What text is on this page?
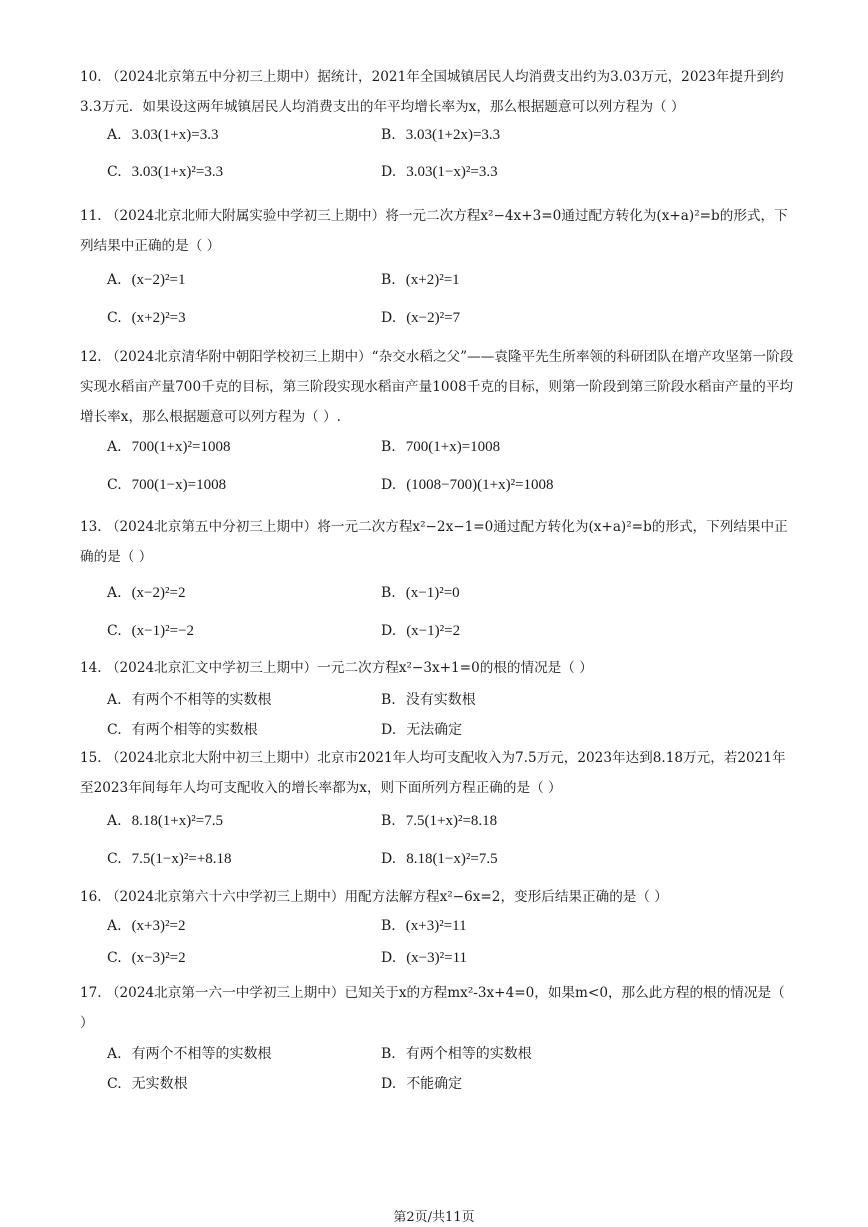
10. （2024北京第五中分初三上期中）据统计，2021年全国城镇居民人均消费支出约为3.03万元，2023年提升到约3.3万元．如果设这两年城镇居民人均消费支出的年平均增长率为x，那么根据题意可以列方程为（ ）
A. 3.03(1+x)=3.3	B. 3.03(1+2x)=3.3
C. 3.03(1+x)²=3.3	D. 3.03(1−x)²=3.3
11. （2024北京北师大附属实验中学初三上期中）将一元二次方程x²−4x+3=0通过配方转化为(x+a)²=b的形式，下列结果中正确的是（ ）
A. (x−2)²=1	B. (x+2)²=1
C. (x+2)²=3	D. (x−2)²=7
12. （2024北京清华附中朝阳学校初三上期中）“杂交水稻之父”——袁隆平先生所率领的科研团队在增产攻坚第一阶段实现水稻亩产量700千克的目标，第三阶段实现水稻亩产量1008千克的目标，则第一阶段到第三阶段水稻亩产量的平均增长率x，那么根据题意可以列方程为（ ）.
A. 700(1+x)²=1008	B. 700(1+x)=1008
C. 700(1−x)=1008	D. (1008−700)(1+x)²=1008
13. （2024北京第五中分初三上期中）将一元二次方程x²−2x−1=0通过配方转化为(x+a)²=b的形式，下列结果中正确的是（ ）
A. (x−2)²=2	B. (x−1)²=0
C. (x−1)²=−2	D. (x−1)²=2
14. （2024北京汇文中学初三上期中）一元二次方程x²−3x+1=0的根的情况是（ ）
A. 有两个不相等的实数根	B. 没有实数根
C. 有两个相等的实数根	D. 无法确定
15. （2024北京北大附中初三上期中）北京市2021年人均可支配收入为7.5万元，2023年达到8.18万元，若2021年至2023年间每年人均可支配收入的增长率都为x，则下面所列方程正确的是（ ）
A. 8.18(1+x)²=7.5	B. 7.5(1+x)²=8.18
C. 7.5(1−x)²=+8.18	D. 8.18(1−x)²=7.5
16. （2024北京第六十六中学初三上期中）用配方法解方程x²−6x=2，变形后结果正确的是（ ）
A. (x+3)²=2	B. (x+3)²=11
C. (x−3)²=2	D. (x−3)²=11
17. （2024北京第一六一中学初三上期中）已知关于x的方程mx²-3x+4=0，如果m<0，那么此方程的根的情况是（ ）
A. 有两个不相等的实数根	B. 有两个相等的实数根
C. 无实数根	D. 不能确定
第2页/共11页
